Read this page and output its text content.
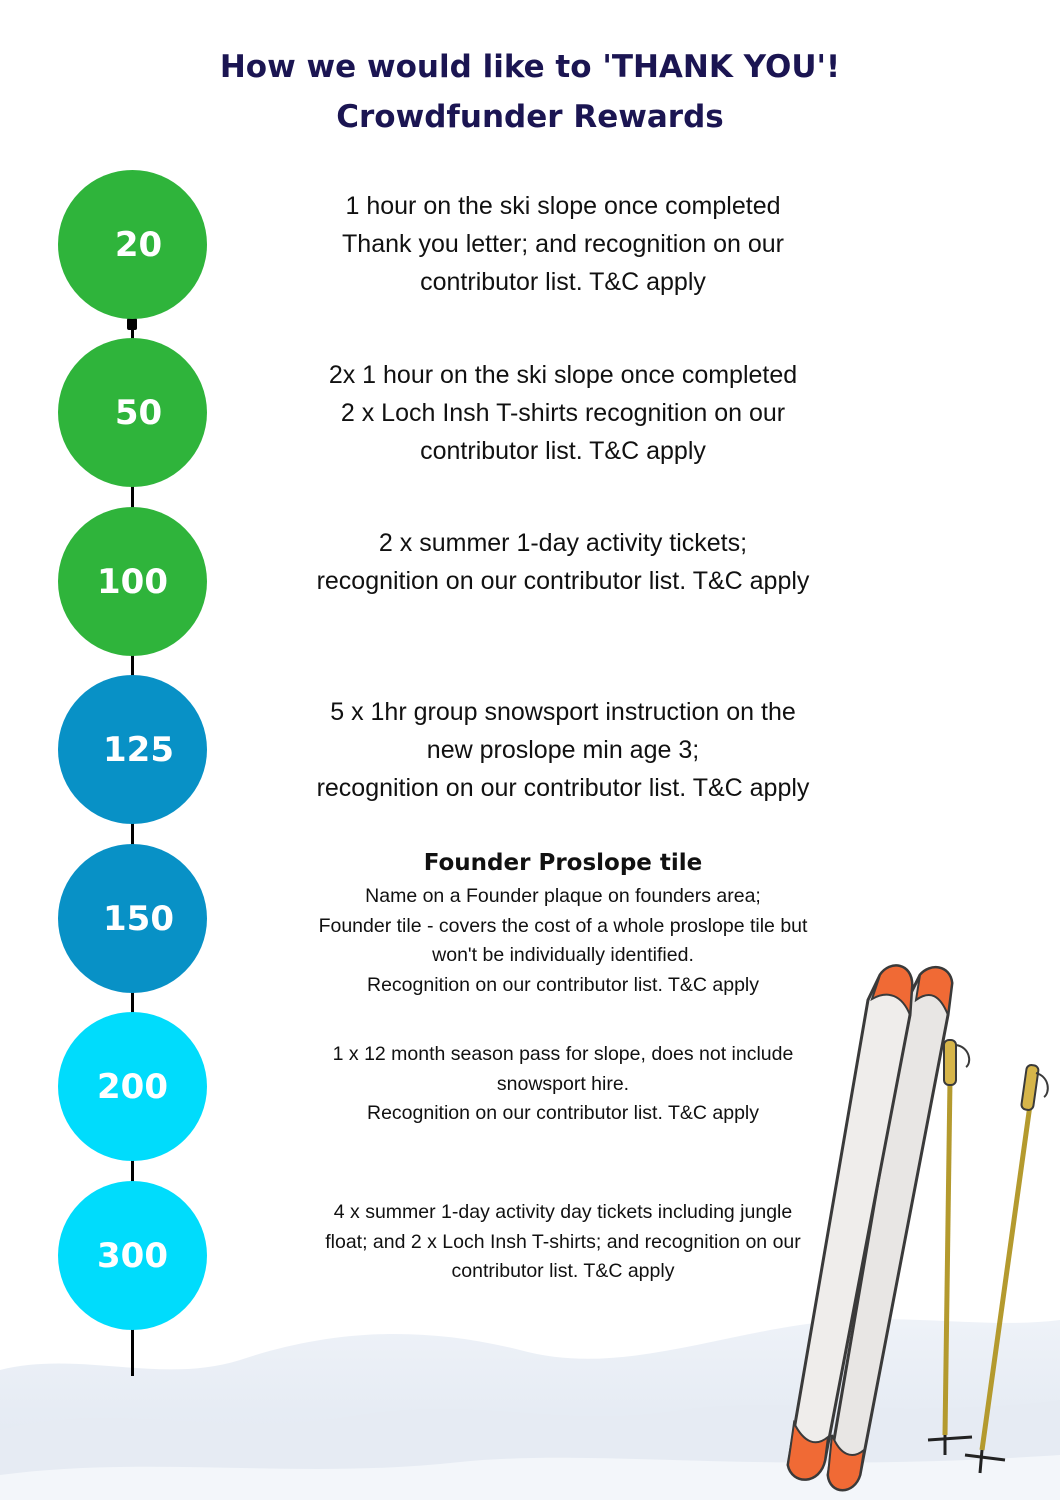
How we would like to 'THANK YOU'!
Crowdfunder Rewards
20
50
100
125
150
200
300
1 hour on the ski slope once completed
Thank you letter; and recognition on our
contributor list. T&C apply
2x 1 hour on the ski slope once completed
2 x Loch Insh T-shirts recognition on our
contributor list. T&C apply
2 x summer 1-day activity tickets;
recognition on our contributor list. T&C apply
5 x 1hr group snowsport instruction on the
new proslope min age 3;
recognition on our contributor list. T&C apply
Founder Proslope tile
Name on a Founder plaque on founders area;
Founder tile - covers the cost of a whole proslope tile but
won't be individually identified.
Recognition on our contributor list. T&C apply
1 x 12 month season pass for slope, does not include
snowsport hire.
Recognition on our contributor list. T&C apply
4 x summer 1-day activity day tickets including jungle
float; and 2 x Loch Insh T-shirts; and recognition on our
contributor list. T&C apply
